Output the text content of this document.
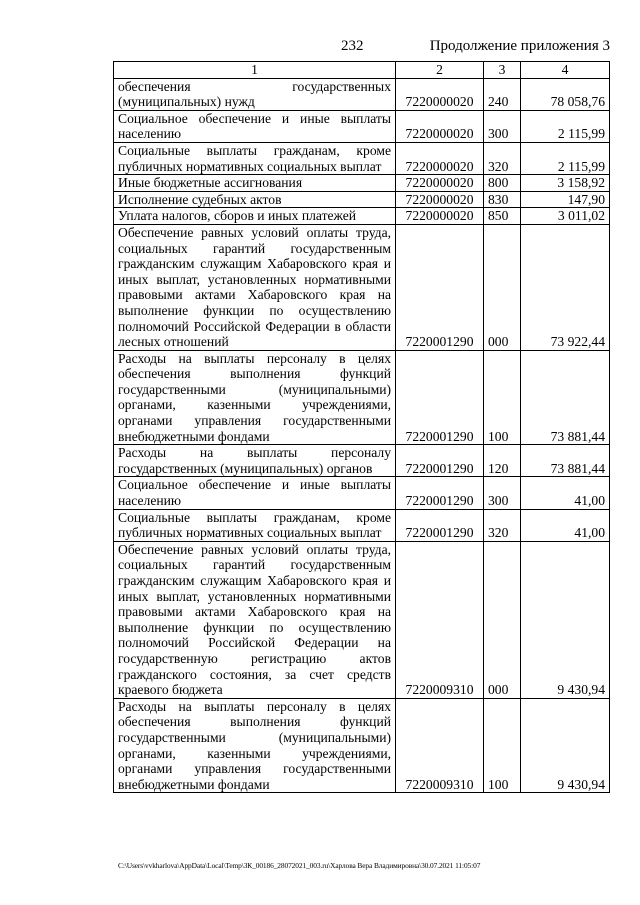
232	Продолжение приложения 3
1	2	3	4
обеспечения государственных (муниципальных) нужд	7220000020	240	78 058,76
Социальное обеспечение и иные выплаты населению	7220000020	300	2 115,99
Социальные выплаты гражданам, кроме публичных нормативных социальных выплат	7220000020	320	2 115,99
Иные бюджетные ассигнования	7220000020	800	3 158,92
Исполнение судебных актов	7220000020	830	147,90
Уплата налогов, сборов и иных платежей	7220000020	850	3 011,02
Обеспечение равных условий оплаты труда, социальных гарантий государственным гражданским служащим Хабаровского края и иных выплат, установленных нормативными правовыми актами Хабаровского края на выполнение функции по осуществлению полномочий Российской Федерации в области лесных отношений	7220001290	000	73 922,44
Расходы на выплаты персоналу в целях обеспечения выполнения функций государственными (муниципальными) органами, казенными учреждениями, органами управления государственными внебюджетными фондами	7220001290	100	73 881,44
Расходы на выплаты персоналу государственных (муниципальных) органов	7220001290	120	73 881,44
Социальное обеспечение и иные выплаты населению	7220001290	300	41,00
Социальные выплаты гражданам, кроме публичных нормативных социальных выплат	7220001290	320	41,00
Обеспечение равных условий оплаты труда, социальных гарантий государственным гражданским служащим Хабаровского края и иных выплат, установленных нормативными правовыми актами Хабаровского края на выполнение функции по осуществлению полномочий Российской Федерации на государственную регистрацию актов гражданского состояния, за счет средств краевого бюджета	7220009310	000	9 430,94
Расходы на выплаты персоналу в целях обеспечения выполнения функций государственными (муниципальными) органами, казенными учреждениями, органами управления государственными внебюджетными фондами	7220009310	100	9 430,94
C:\Users\vvkharlova\AppData\Local\Temp\ЗК_00186_28072021_003.ru\Харлова Вера Владимировна\30.07.2021 11:05:07
